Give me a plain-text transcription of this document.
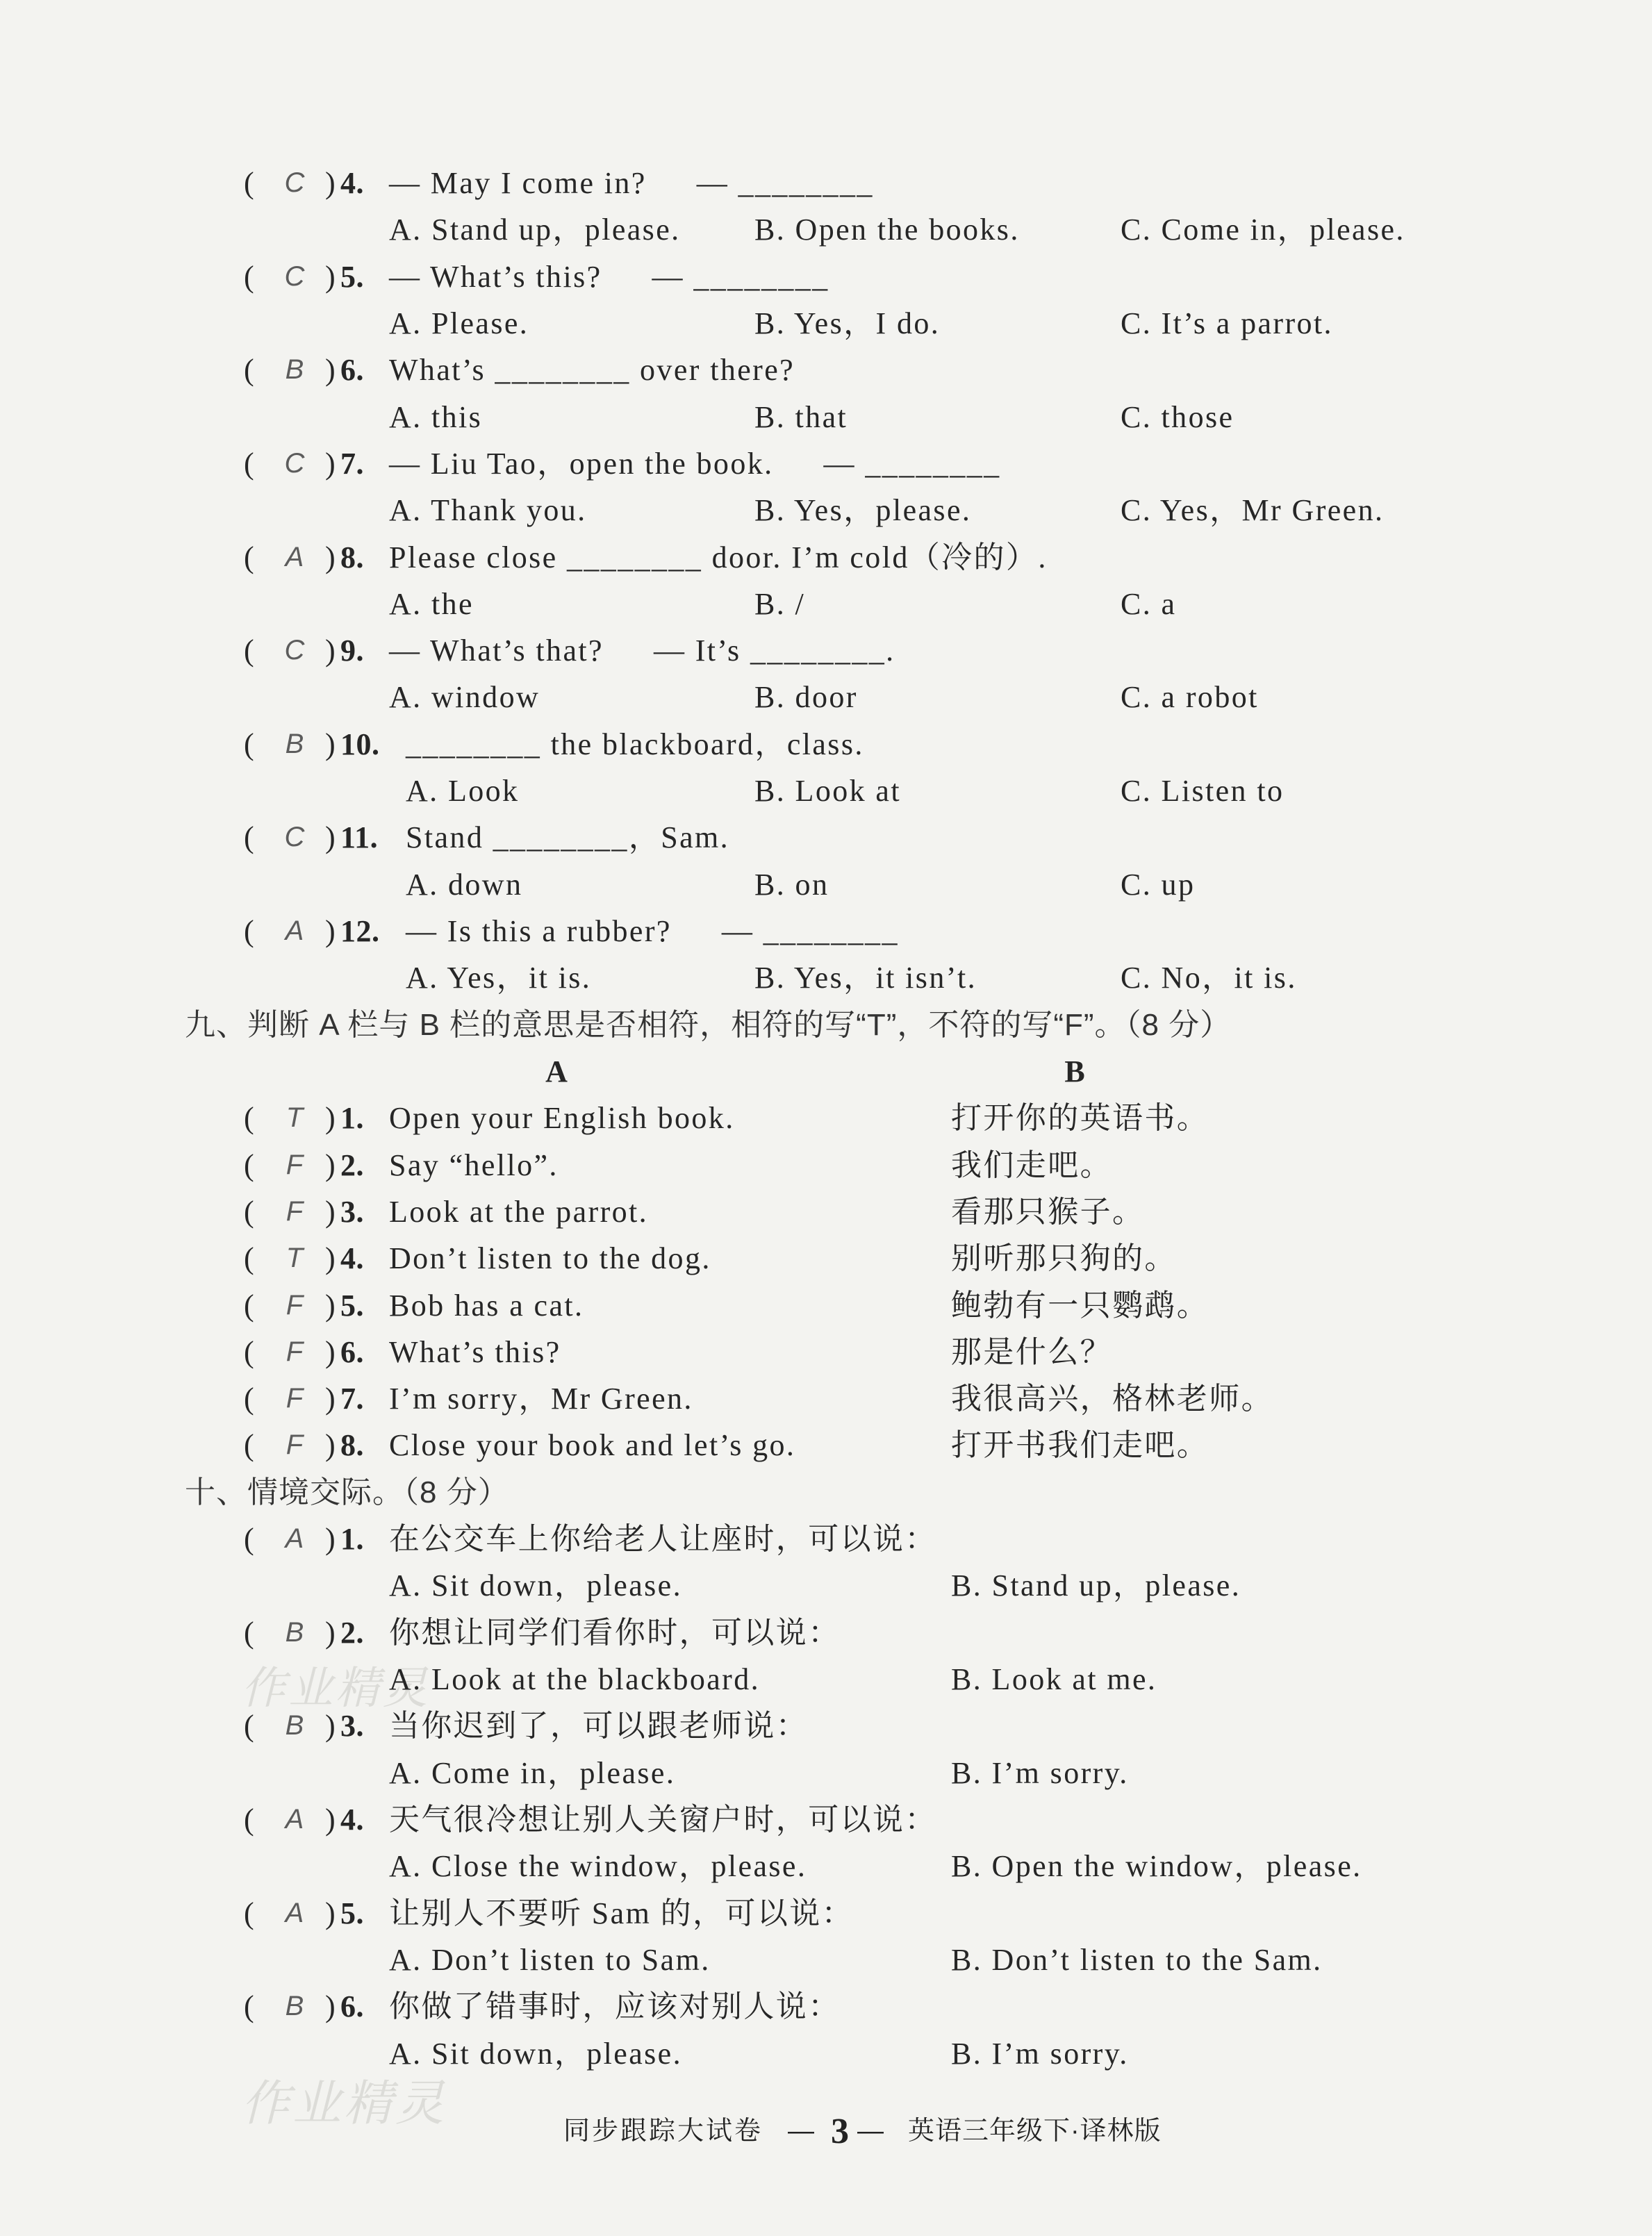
作业精灵
作业精灵
(	C ) 4. — May I come in? — ________
A. Stand up，please. B. Open the books.	C. Come in，please.
(	C ) 5. — What’s this? — ________
A. Please.	B. Yes，I do.	C. It’s a parrot.
(	B ) 6. What’s ________ over there?
A. this	B. that	C. those
(	C ) 7. — Liu Tao，open the book. — ________
A. Thank you.	B. Yes，please.	C. Yes，Mr Green.
(	A ) 8. Please close ________ door. I’m cold（冷的）.
A. the	B. /	C. a
(	C ) 9. — What’s that? — It’s ________.
A. window	B. door	C. a robot
(	B ) 10. ________ the blackboard，class.
A. Look	B. Look at	C. Listen to
(	C ) 11. Stand ________，Sam.
A. down	B. on	C. up
(	A ) 12. — Is this a rubber? — ________
A. Yes，it is.	B. Yes，it isn’t.	C. No，it is.
九、判断 A 栏与 B 栏的意思是否相符，相符的写“T”，不符的写“F”。（8 分）
A	B
(	T ) 1. Open your English book.	打开你的英语书。
(	F ) 2. Say “hello”.	我们走吧。
(	F ) 3. Look at the parrot.	看那只猴子。
(	T ) 4. Don’t listen to the dog.	别听那只狗的。
(	F ) 5. Bob has a cat.	鲍勃有一只鹦鹉。
(	F ) 6. What’s this?	那是什么？
(	F ) 7. I’m sorry，Mr Green.	我很高兴，格林老师。
(	F ) 8. Close your book and let’s go.	打开书我们走吧。
十、情境交际。（8 分）
(	A ) 1. 在公交车上你给老人让座时，可以说：
A. Sit down，please.	B. Stand up，please.
(	B ) 2. 你想让同学们看你时，可以说：
A. Look at the blackboard.	B. Look at me.
(	B ) 3. 当你迟到了，可以跟老师说：
A. Come in，please.	B. I’m sorry.
(	A ) 4. 天气很冷想让别人关窗户时，可以说：
A. Close the window，please.	B. Open the window，please.
(	A ) 5. 让别人不要听 Sam 的，可以说：
A. Don’t listen to Sam.	B. Don’t listen to the Sam.
(	B ) 6. 你做了错事时，应该对别人说：
A. Sit down，please.	B. I’m sorry.
同步跟踪大试卷 — 3 — 英语三年级下·译林版
